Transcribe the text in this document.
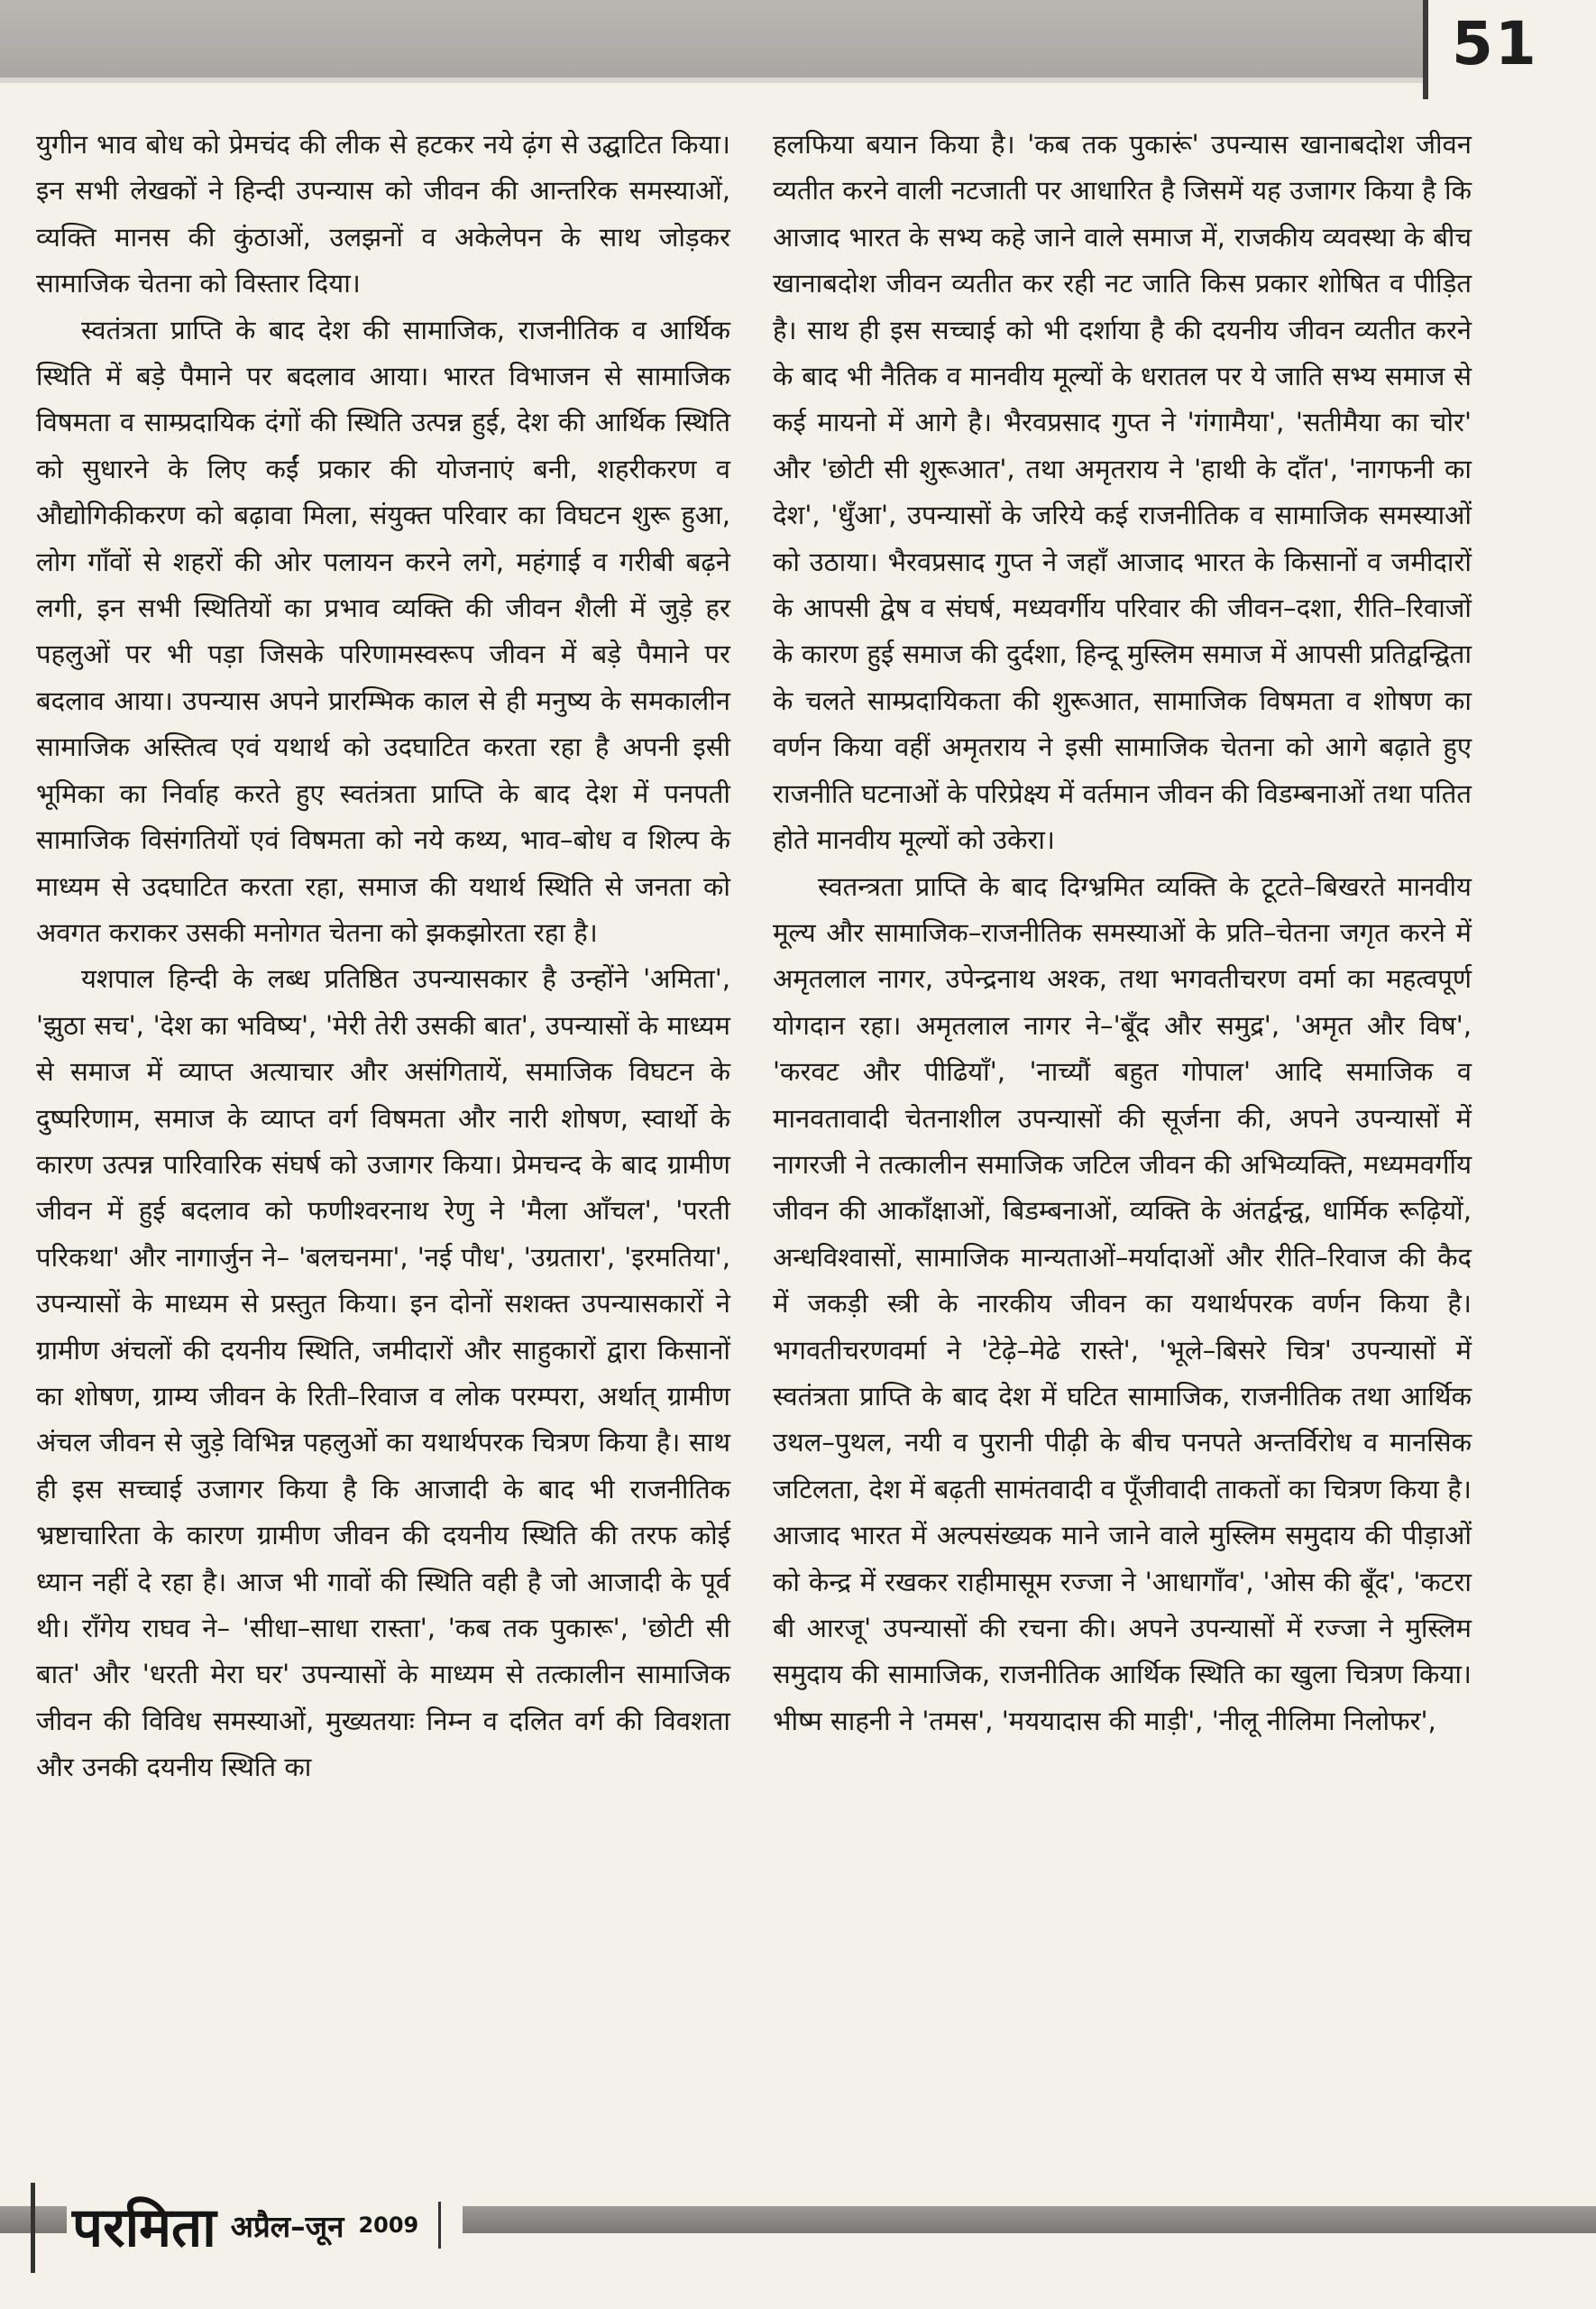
51

युगीन भाव बोध को प्रेमचंद की लीक से हटकर नये ढ़ंग से उद्घाटित किया। इन सभी लेखकों ने हिन्दी उपन्यास को जीवन की आन्तरिक समस्याओं, व्यक्ति मानस की कुंठाओं, उलझनों व अकेलेपन के साथ जोड़कर सामाजिक चेतना को विस्तार दिया।

स्वतंत्रता प्राप्ति के बाद देश की सामाजिक, राजनीतिक व आर्थिक स्थिति में बड़े पैमाने पर बदलाव आया। भारत विभाजन से सामाजिक विषमता व साम्प्रदायिक दंगों की स्थिति उत्पन्न हुई, देश की आर्थिक स्थिति को सुधारने के लिए कईं प्रकार की योजनाएं बनी, शहरीकरण व औद्योगिकीकरण को बढ़ावा मिला, संयुक्त परिवार का विघटन शुरू हुआ, लोग गाँवों से शहरों की ओर पलायन करने लगे, महंगाई व गरीबी बढ़ने लगी, इन सभी स्थितियों का प्रभाव व्यक्ति की जीवन शैली में जुड़े हर पहलुओं पर भी पड़ा जिसके परिणामस्वरूप जीवन में बड़े पैमाने पर बदलाव आया। उपन्यास अपने प्रारम्भिक काल से ही मनुष्य के समकालीन सामाजिक अस्तित्व एवं यथार्थ को उदघाटित करता रहा है अपनी इसी भूमिका का निर्वाह करते हुए स्वतंत्रता प्राप्ति के बाद देश में पनपती सामाजिक विसंगतियों एवं विषमता को नये कथ्य, भाव–बोध व शिल्प के माध्यम से उदघाटित करता रहा, समाज की यथार्थ स्थिति से जनता को अवगत कराकर उसकी मनोगत चेतना को झकझोरता रहा है।

यशपाल हिन्दी के लब्ध प्रतिष्ठित उपन्यासकार है उन्होंने 'अमिता', 'झुठा सच', 'देश का भविष्य', 'मेरी तेरी उसकी बात', उपन्यासों के माध्यम से समाज में व्याप्त अत्याचार और असंगितायें, समाजिक विघटन के दुष्परिणाम, समाज के व्याप्त वर्ग विषमता और नारी शोषण, स्वार्थो के कारण उत्पन्न पारिवारिक संघर्ष को उजागर किया। प्रेमचन्द के बाद ग्रामीण जीवन में हुई बदलाव को फणीश्वरनाथ रेणु ने 'मैला आँचल', 'परती परिकथा' और नागार्जुन ने– 'बलचनमा', 'नई पौध', 'उग्रतारा', 'इरमतिया', उपन्यासों के माध्यम से प्रस्तुत किया। इन दोनों सशक्त उपन्यासकारों ने ग्रामीण अंचलों की दयनीय स्थिति, जमीदारों और साहुकारों द्वारा किसानों का शोषण, ग्राम्य जीवन के रिती–रिवाज व लोक परम्परा, अर्थात् ग्रामीण अंचल जीवन से जुड़े विभिन्न पहलुओं का यथार्थपरक चित्रण किया है। साथ ही इस सच्चाई उजागर किया है कि आजादी के बाद भी राजनीतिक भ्रष्टाचारिता के कारण ग्रामीण जीवन की दयनीय स्थिति की तरफ कोई ध्यान नहीं दे रहा है। आज भी गावों की स्थिति वही है जो आजादी के पूर्व थी। राँगेय राघव ने– 'सीधा–साधा रास्ता', 'कब तक पुकारू', 'छोटी सी बात' और 'धरती मेरा घर' उपन्यासों के माध्यम से तत्कालीन सामाजिक जीवन की विविध समस्याओं, मुख्यतयाः निम्न व दलित वर्ग की विवशता और उनकी दयनीय स्थिति का

हलफिया बयान किया है। 'कब तक पुकारूं' उपन्यास खानाबदोश जीवन व्यतीत करने वाली नटजाती पर आधारित है जिसमें यह उजागर किया है कि आजाद भारत के सभ्य कहे जाने वाले समाज में, राजकीय व्यवस्था के बीच खानाबदोश जीवन व्यतीत कर रही नट जाति किस प्रकार शोषित व पीड़ित है। साथ ही इस सच्चाई को भी दर्शाया है की दयनीय जीवन व्यतीत करने के बाद भी नैतिक व मानवीय मूल्यों के धरातल पर ये जाति सभ्य समाज से कई मायनो में आगे है। भैरवप्रसाद गुप्त ने 'गंगामैया', 'सतीमैया का चोर' और 'छोटी सी शुरूआत', तथा अमृतराय ने 'हाथी के दाँत', 'नागफनी का देश', 'धुँआ', उपन्यासों के जरिये कई राजनीतिक व सामाजिक समस्याओं को उठाया। भैरवप्रसाद गुप्त ने जहाँ आजाद भारत के किसानों व जमीदारों के आपसी द्वेष व संघर्ष, मध्यवर्गीय परिवार की जीवन–दशा, रीति–रिवाजों के कारण हुई समाज की दुर्दशा, हिन्दू मुस्लिम समाज में आपसी प्रतिद्वन्द्विता के चलते साम्प्रदायिकता की शुरूआत, सामाजिक विषमता व शोषण का वर्णन किया वहीं अमृतराय ने इसी सामाजिक चेतना को आगे बढ़ाते हुए राजनीति घटनाओं के परिप्रेक्ष्य में वर्तमान जीवन की विडम्बनाओं तथा पतित होते मानवीय मूल्यों को उकेरा।

स्वतन्त्रता प्राप्ति के बाद दिग्भ्रमित व्यक्ति के टूटते–बिखरते मानवीय मूल्य और सामाजिक–राजनीतिक समस्याओं के प्रति–चेतना जगृत करने में अमृतलाल नागर, उपेन्द्रनाथ अश्क, तथा भगवतीचरण वर्मा का महत्वपूर्ण योगदान रहा। अमृतलाल नागर ने–'बूँद और समुद्र', 'अमृत और विष', 'करवट और पीढियाँ', 'नाच्यौं बहुत गोपाल' आदि समाजिक व मानवतावादी चेतनाशील उपन्यासों की सूर्जना की, अपने उपन्यासों में नागरजी ने तत्कालीन समाजिक जटिल जीवन की अभिव्यक्ति, मध्यमवर्गीय जीवन की आकाँक्षाओं, बिडम्बनाओं, व्यक्ति के अंतर्द्वन्द्व, धार्मिक रूढ़ियों, अन्धविश्वासों, सामाजिक मान्यताओं–मर्यादाओं और रीति–रिवाज की कैद में जकड़ी स्त्री के नारकीय जीवन का यथार्थपरक वर्णन किया है। भगवतीचरणवर्मा ने 'टेढ़े–मेढे रास्ते', 'भूले–बिसरे चित्र' उपन्यासों में स्वतंत्रता प्राप्ति के बाद देश में घटित सामाजिक, राजनीतिक तथा आर्थिक उथल–पुथल, नयी व पुरानी पीढ़ी के बीच पनपते अन्तर्विरोध व मानसिक जटिलता, देश में बढ़ती सामंतवादी व पूँजीवादी ताकतों का चित्रण किया है। आजाद भारत में अल्पसंख्यक माने जाने वाले मुस्लिम समुदाय की पीड़ाओं को केन्द्र में रखकर राहीमासूम रज्जा ने 'आधागाँव', 'ओस की बूँद', 'कटरा बी आरजू' उपन्यासों की रचना की। अपने उपन्यासों में रज्जा ने मुस्लिम समुदाय की सामाजिक, राजनीतिक आर्थिक स्थिति का खुला चित्रण किया। भीष्म साहनी ने 'तमस', 'मययादास की माड़ी', 'नीलू नीलिमा निलोफर',

परमिता अप्रैल–जून 2009
